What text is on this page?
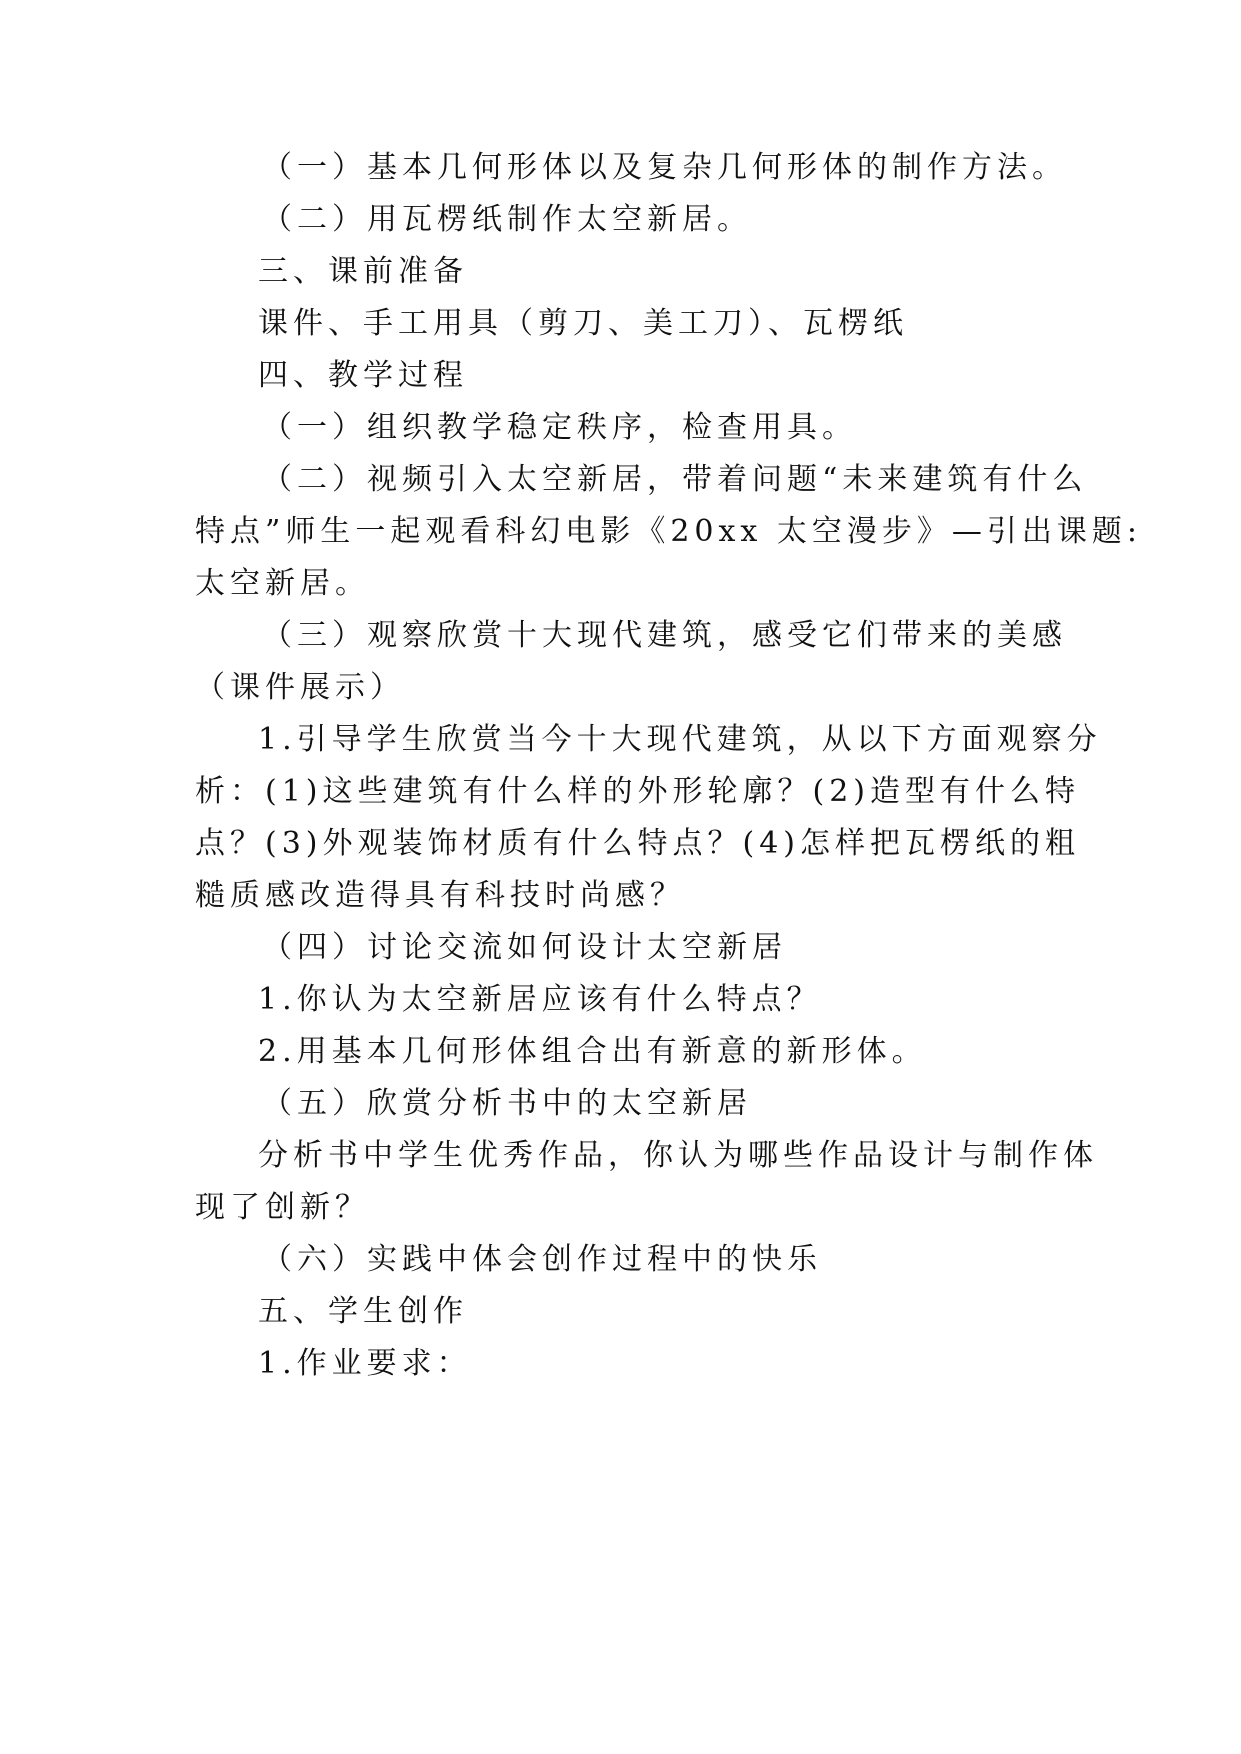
（一）基本几何形体以及复杂几何形体的制作方法。
（二）用瓦楞纸制作太空新居。
三、课前准备
课件、手工用具（剪刀、美工刀）、瓦楞纸
四、教学过程
（一）组织教学稳定秩序，检查用具。
（二）视频引入太空新居，带着问题“未来建筑有什么
特点”师生一起观看科幻电影《20xx 太空漫步》—引出课题:
太空新居。
（三）观察欣赏十大现代建筑，感受它们带来的美感
（课件展示）
1.引导学生欣赏当今十大现代建筑，从以下方面观察分
析：(1)这些建筑有什么样的外形轮廓？(2)造型有什么特
点？(3)外观装饰材质有什么特点？(4)怎样把瓦楞纸的粗
糙质感改造得具有科技时尚感？
（四）讨论交流如何设计太空新居
1.你认为太空新居应该有什么特点？
2.用基本几何形体组合出有新意的新形体。
（五）欣赏分析书中的太空新居
分析书中学生优秀作品，你认为哪些作品设计与制作体
现了创新？
（六）实践中体会创作过程中的快乐
五、学生创作
1.作业要求：
